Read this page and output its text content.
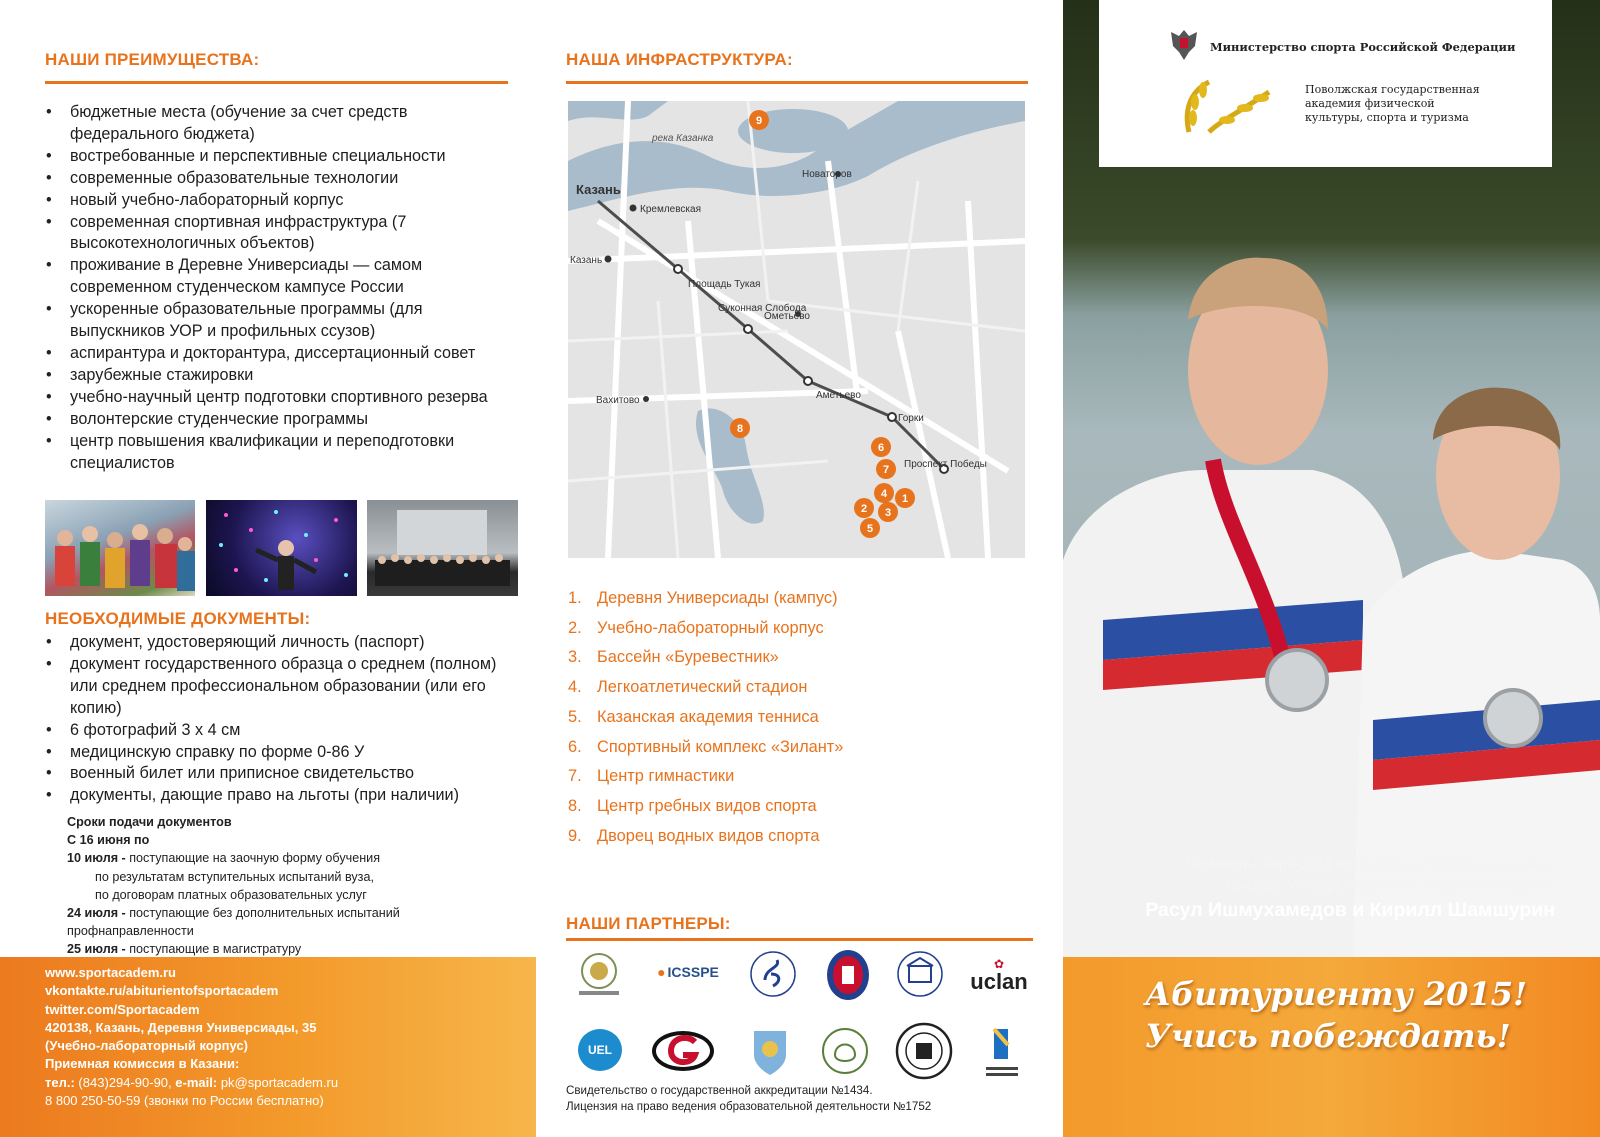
НАШИ ПРЕИМУЩЕСТВА:
• бюджетные места (обучение за счет средств федерального бюджета)
• востребованные и перспективные специальности
• современные образовательные технологии
• новый учебно-лабораторный корпус
• современная спортивная инфраструктура (7 высокотехнологичных объектов)
• проживание в Деревне Универсиады — самом современном студенческом кампусе России
• ускоренные образовательные программы (для выпускников УОР и профильных ссузов)
• аспирантура и докторантура, диссертационный совет
• зарубежные стажировки
• учебно-научный центр подготовки спортивного резерва
• волонтерские студенческие программы
• центр повышения квалификации и переподготовки специалистов
НЕОБХОДИМЫЕ ДОКУМЕНТЫ:
• документ, удостоверяющий личность (паспорт)
• документ государственного образца о среднем (полном) или среднем профессиональном образовании (или его копию)
• 6 фотографий 3 х 4 см
• медицинскую справку по форме 0-86 У
• военный билет или приписное свидетельство
• документы, дающие право на льготы (при наличии)
Сроки подачи документов
С 16 июня по
10 июля - поступающие на заочную форму обучения
по результатам вступительных испытаний вуза,
по договорам платных образовательных услуг
24 июля - поступающие без дополнительных испытаний профнаправленности
25 июля - поступающие в магистратуру
www.sportacadem.ru
vkontakte.ru/abiturientofsportacadem
twitter.com/Sportacadem
420138, Казань, Деревня Универсиады, 35
(Учебно-лабораторный корпус)
Приемная комиссия в Казани:
тел.: (843)294-90-90, e-mail: pk@sportacadem.ru
8 800 250-50-59 (звонки по России бесплатно)
НАША ИНФРАСТРУКТУРА:
Казань
Кремлевская
Казань
Площадь Тукая
Суконная Слобода
Ометьево
Аметьево
Горки
Проспект Победы
Новаторов
Вахитово
река Казанка
9
8
6
7
4 1
2 3
5
1. Деревня Универсиады (кампус)
2. Учебно-лабораторный корпус
3. Бассейн «Буревестник»
4. Легкоатлетический стадион
5. Казанская академия тенниса
6. Спортивный комплекс «Зилант»
7. Центр гимнастики
8. Центр гребных видов спорта
9. Дворец водных видов спорта
НАШИ ПАРТНЕРЫ:
● ICSSPE	✿
uclan
UEL
Свидетельство о государственной аккредитации №1434.
Лицензия на право ведения образовательной деятельности №1752
Министерство спорта Российской Федерации
Поволжская государственная академия физической культуры, спорта и туризма
Чемпионы мира-2014 по гребле на байдарках и каноэ,
призеры Универсиады-2013, студенты академии
Расул Ишмухамедов и Кирилл Шамшурин
Абитуриенту 2015!
Учись побеждать!
